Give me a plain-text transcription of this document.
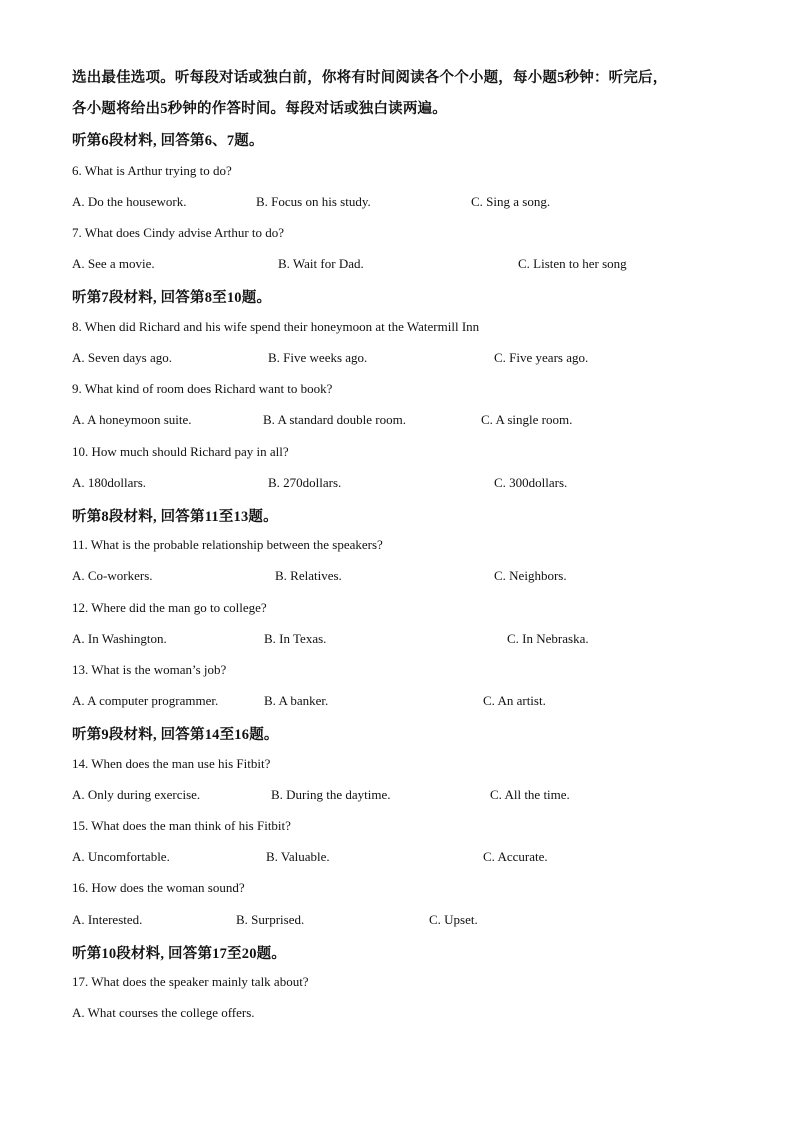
选出最佳选项。听每段对话或独白前，你将有时间阅读各个个小题，每小题5秒钟：听完后，
各小题将给出5秒钟的作答时间。每段对话或独白读两遍。
听第6段材料, 回答第6、7题。
6. What is Arthur trying to do?
A. Do the housework.	B. Focus on his study.	C. Sing a song.
7. What does Cindy advise Arthur to do?
A. See a movie.	B. Wait for Dad.	C. Listen to her song
听第7段材料, 回答第8至10题。
8. When did Richard and his wife spend their honeymoon at the Watermill Inn
A. Seven days ago.	B. Five weeks ago.	C. Five years ago.
9. What kind of room does Richard want to book?
A. A honeymoon suite.	B. A standard double room.	C. A single room.
10. How much should Richard pay in all?
A. 180dollars.	B. 270dollars.	C. 300dollars.
听第8段材料, 回答第11至13题。
11. What is the probable relationship between the speakers?
A. Co-workers.	B. Relatives.	C. Neighbors.
12. Where did the man go to college?
A. In Washington.	B. In Texas.	C. In Nebraska.
13. What is the woman’s job?
A. A computer programmer.	B. A banker.	C. An artist.
听第9段材料, 回答第14至16题。
14. When does the man use his Fitbit?
A. Only during exercise.	B. During the daytime.	C. All the time.
15. What does the man think of his Fitbit?
A. Uncomfortable.	B. Valuable.	C. Accurate.
16. How does the woman sound?
A. Interested.	B. Surprised.	C. Upset.
听第10段材料, 回答第17至20题。
17. What does the speaker mainly talk about?
A. What courses the college offers.
